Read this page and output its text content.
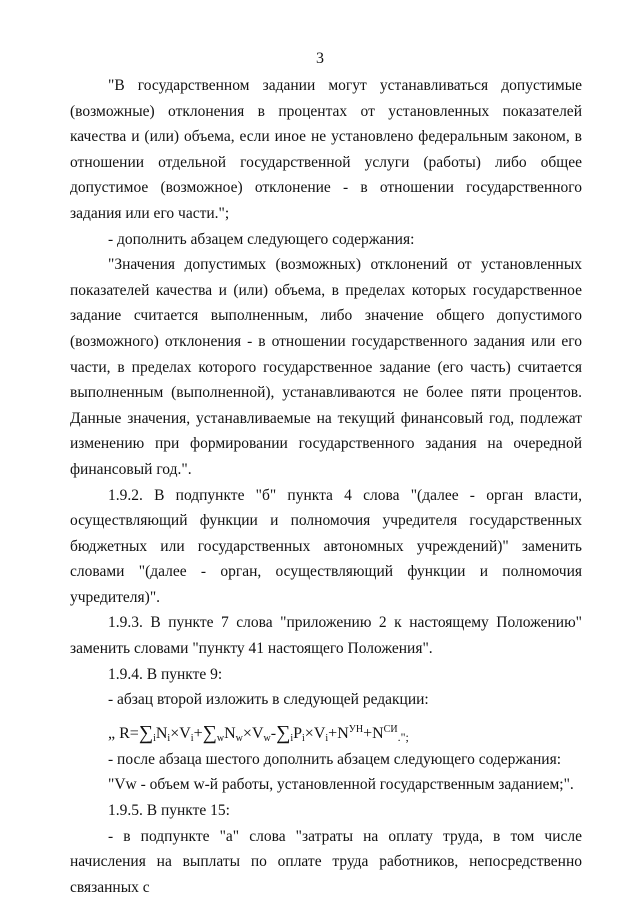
3

"В государственном задании могут устанавливаться допустимые (возможные) отклонения в процентах от установленных показателей качества и (или) объема, если иное не установлено федеральным законом, в отношении отдельной государственной услуги (работы) либо общее допустимое (возможное) отклонение - в отношении государственного задания или его части.";

- дополнить абзацем следующего содержания:

"Значения допустимых (возможных) отклонений от установленных показателей качества и (или) объема, в пределах которых государственное задание считается выполненным, либо значение общего допустимого (возможного) отклонения - в отношении государственного задания или его части, в пределах которого государственное задание (его часть) считается выполненным (выполненной), устанавливаются не более пяти процентов. Данные значения, устанавливаемые на текущий финансовый год, подлежат изменению при формировании государственного задания на очередной финансовый год.".

1.9.2. В подпункте "б" пункта 4 слова "(далее - орган власти, осуществляющий функции и полномочия учредителя государственных бюджетных или государственных автономных учреждений)" заменить словами "(далее - орган, осуществляющий функции и полномочия учредителя)".

1.9.3. В пункте 7 слова "приложению 2 к настоящему Положению" заменить словами "пункту 41 настоящего Положения".

1.9.4. В пункте 9:

- абзац второй изложить в следующей редакции:

„ $R=\sum_iN_i\times V_i+\sum_wN_w\times V_w-\sum_iP_i\times V_i+N^{УН}+N^{СИ}$.";

- после абзаца шестого дополнить абзацем следующего содержания:

"Vw - объем w-й работы, установленной государственным заданием;".

1.9.5. В пункте 15:

- в подпункте "а" слова "затраты на оплату труда, в том числе начисления на выплаты по оплате труда работников, непосредственно связанных с
